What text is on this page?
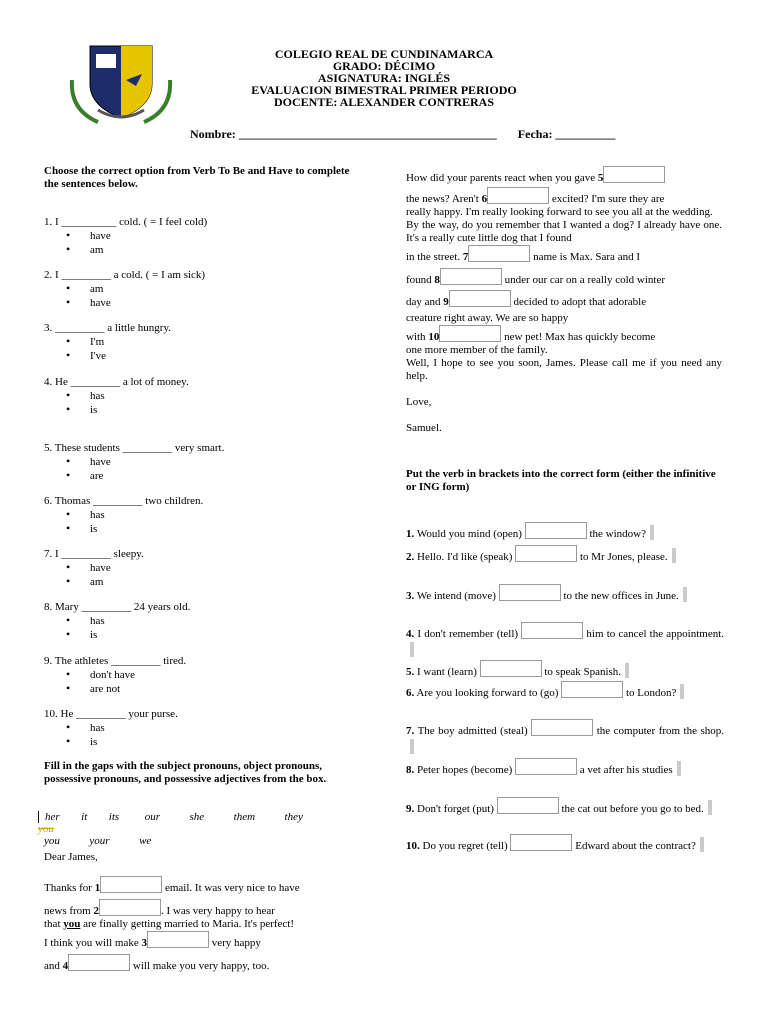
COLEGIO REAL DE CUNDINAMARCA
GRADO: DÉCIMO
ASIGNATURA: INGLÉS
EVALUACION BIMESTRAL PRIMER PERIODO
DOCENTE: ALEXANDER CONTRERAS
Nombre: ___________________________________________ Fecha: __________
Choose the correct option from Verb To Be and Have to complete the sentences below.
1. I __________ cold. ( = I feel cold)
• have
• am
2. I _________ a cold. ( = I am sick)
• am
• have
3. _________ a little hungry.
• I'm
• I've
4. He _________ a lot of money.
• has
• is
5. These students _________ very smart.
• have
• are
6. Thomas _________ two children.
• has
• is
7. I _________ sleepy.
• have
• am
8. Mary _________ 24 years old.
• has
• is
9. The athletes _________ tired.
• don't have
• are not
10. He _________ your purse.
• has
• is
Fill in the gaps with the subject pronouns, object pronouns, possessive pronouns, and possessive adjectives from the box.
her it its our	she	them	they  you
you	your	we
Dear James,
Thanks for 1	email. It was very nice to have
news from 2	. I was very happy to hear
that you are finally getting married to Maria. It's perfect!
I think you will make 3	very happy
and 4	will make you very happy, too.
How did your parents react when you gave 5
the news? Aren't 6	excited? I'm sure they are
really happy. I'm really looking forward to see you all at the wedding.
By the way, do you remember that I wanted a dog? I already have one. It's a really cute little dog that I found
in the street. 7	name is Max. Sara and I
found 8	under our car on a really cold winter
day and 9	decided to adopt that adorable
creature right away. We are so happy
with 10	new pet! Max has quickly become
one more member of the family.
Well, I hope to see you soon, James. Please call me if you need any help.
Love,
Samuel.
Put the verb in brackets into the correct form (either the infinitive or ING form)
1. Would you mind (open)	the window?
2. Hello. I'd like (speak)	to Mr Jones, please.
3. We intend (move)	to the new offices in June.
4. I don't remember (tell)	him to cancel the appointment.
5. I want (learn)	to speak Spanish.
6. Are you looking forward to (go)	to London?
7. The boy admitted (steal)	the computer from the shop.
8. Peter hopes (become)	a vet after his studies
9. Don't forget (put)	the cat out before you go to bed.
10. Do you regret (tell)	Edward about the contract?
